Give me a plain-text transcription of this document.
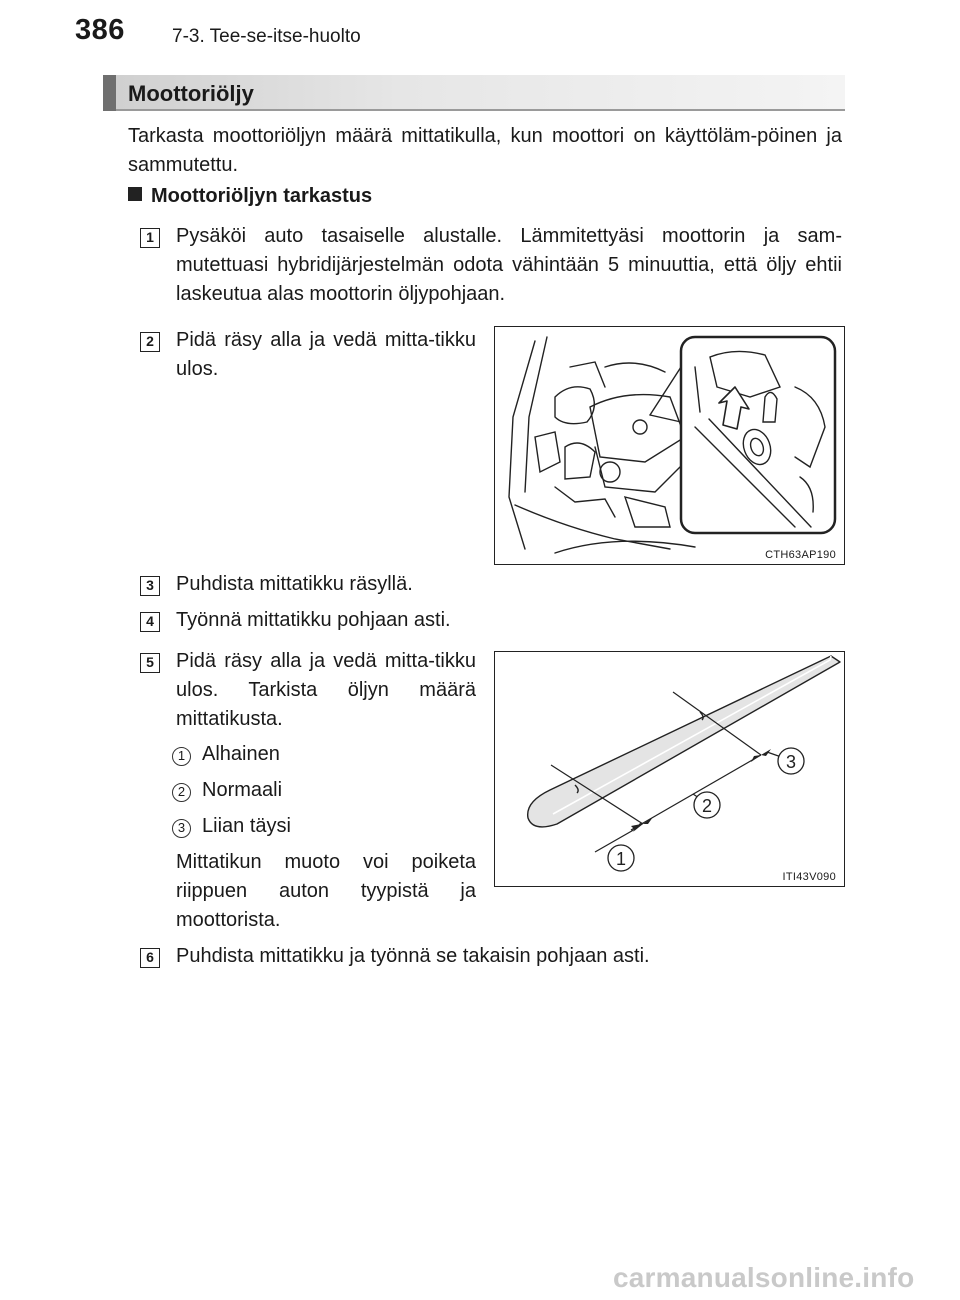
386 7-3. Tee-se-itse-huolto
Moottoriöljy
Tarkasta moottoriöljyn määrä mittatikulla, kun moottori on käyttöläm-pöinen ja sammutettu.
Moottoriöljyn tarkastus
1	Pysäköi auto tasaiselle alustalle. Lämmitettyäsi moottorin ja sam-mutettuasi hybridijärjestelmän odota vähintään 5 minuuttia, että öljy ehtii laskeutua alas moottorin öljypohjaan.
2	Pidä räsy alla ja vedä mitta-tikku ulos.
CTH63AP190
3	Puhdista mittatikku räsyllä.
4	Työnnä mittatikku pohjaan asti.
5	Pidä räsy alla ja vedä mitta-tikku ulos. Tarkista öljyn määrä mittatikusta.
1 Alhainen
2 Normaali
3 Liian täysi
Mittatikun muoto voi poiketa riippuen auton tyypistä ja moottorista.
1
2
3
ITI43V090
6	Puhdista mittatikku ja työnnä se takaisin pohjaan asti.
carmanualsonline.info
